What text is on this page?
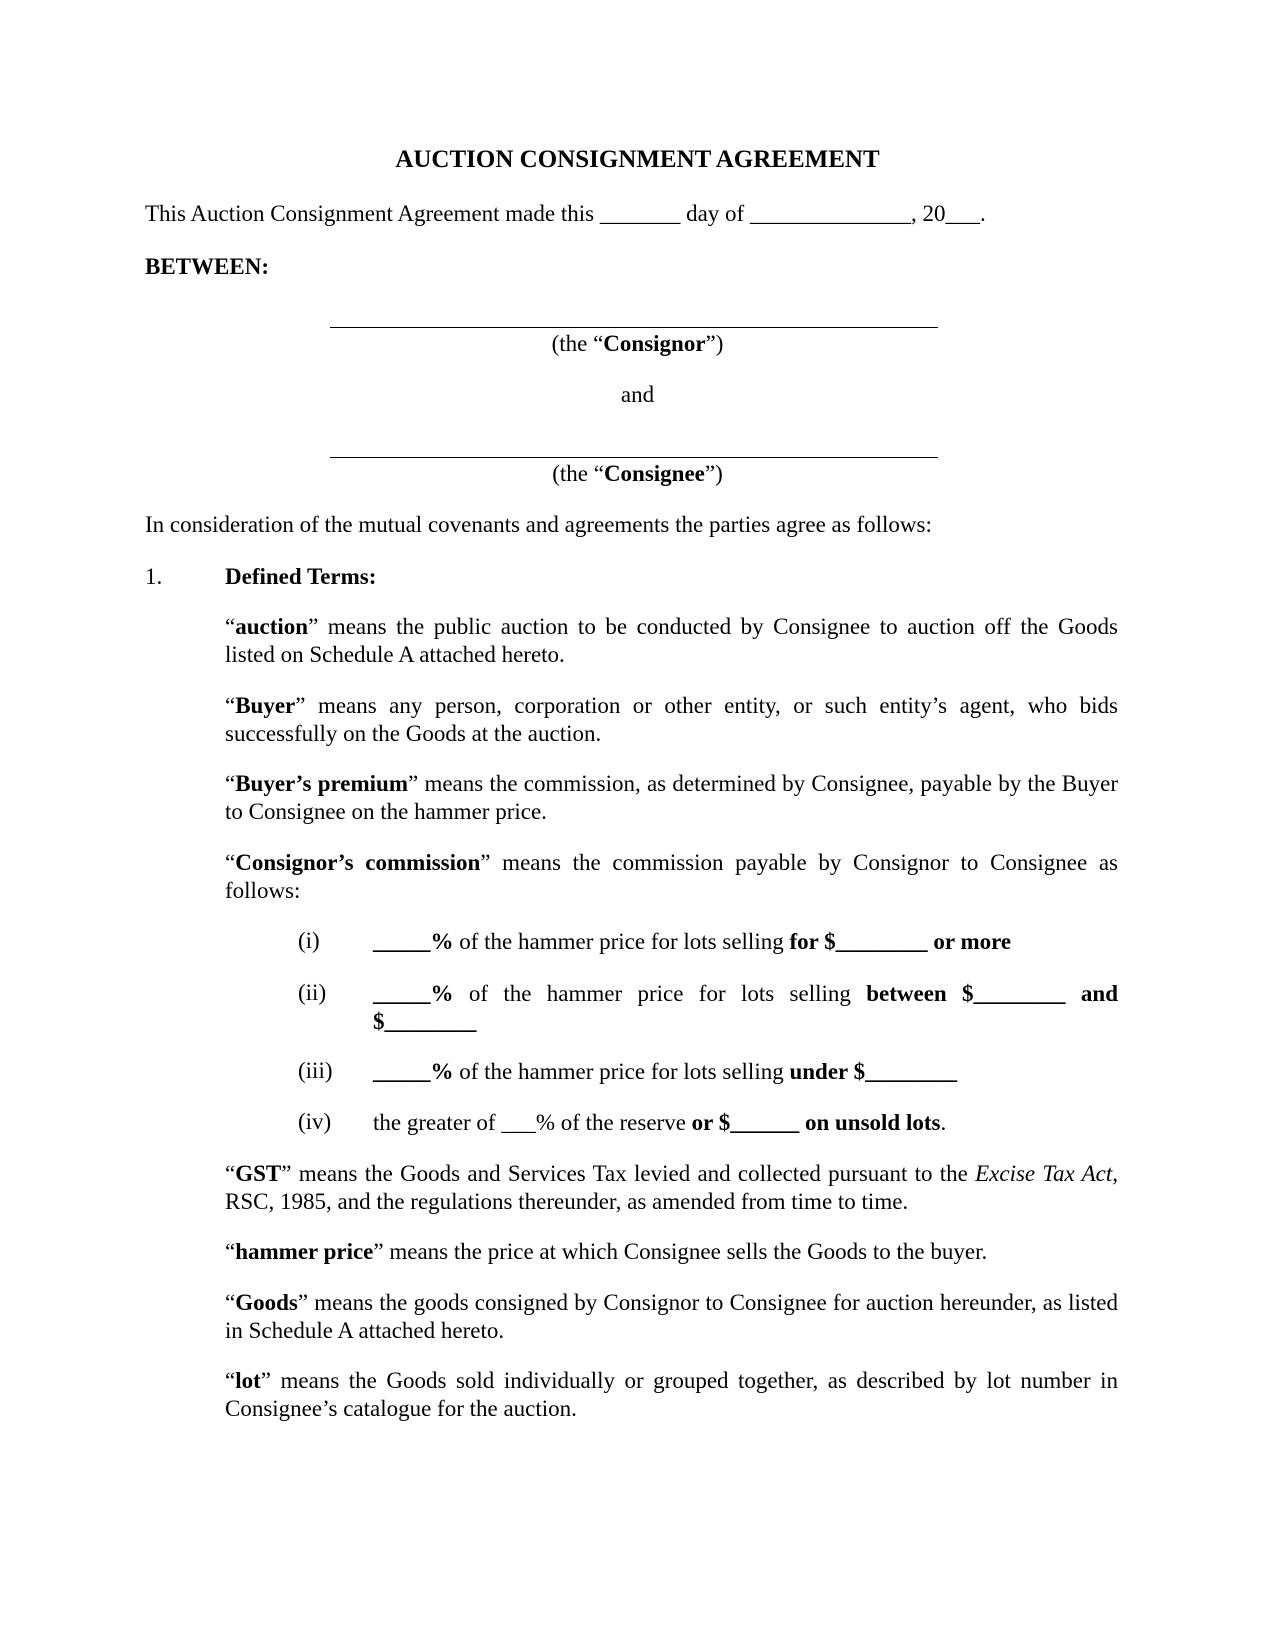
AUCTION CONSIGNMENT AGREEMENT
This Auction Consignment Agreement made this _______ day of ______________, 20___.
BETWEEN:
(the “Consignor”)
and
(the “Consignee”)
In consideration of the mutual covenants and agreements the parties agree as follows:
1.	Defined Terms:
“auction” means the public auction to be conducted by Consignee to auction off the Goods listed on Schedule A attached hereto.
“Buyer” means any person, corporation or other entity, or such entity’s agent, who bids successfully on the Goods at the auction.
“Buyer’s premium” means the commission, as determined by Consignee, payable by the Buyer to Consignee on the hammer price.
“Consignor’s commission” means the commission payable by Consignor to Consignee as follows:
(i) _____% of the hammer price for lots selling for $________ or more
(ii) _____% of the hammer price for lots selling between $________ and $________
(iii) _____% of the hammer price for lots selling under $________
(iv) the greater of ___% of the reserve or $______ on unsold lots.
“GST” means the Goods and Services Tax levied and collected pursuant to the Excise Tax Act, RSC, 1985, and the regulations thereunder, as amended from time to time.
“hammer price” means the price at which Consignee sells the Goods to the buyer.
“Goods” means the goods consigned by Consignor to Consignee for auction hereunder, as listed in Schedule A attached hereto.
“lot” means the Goods sold individually or grouped together, as described by lot number in Consignee’s catalogue for the auction.
